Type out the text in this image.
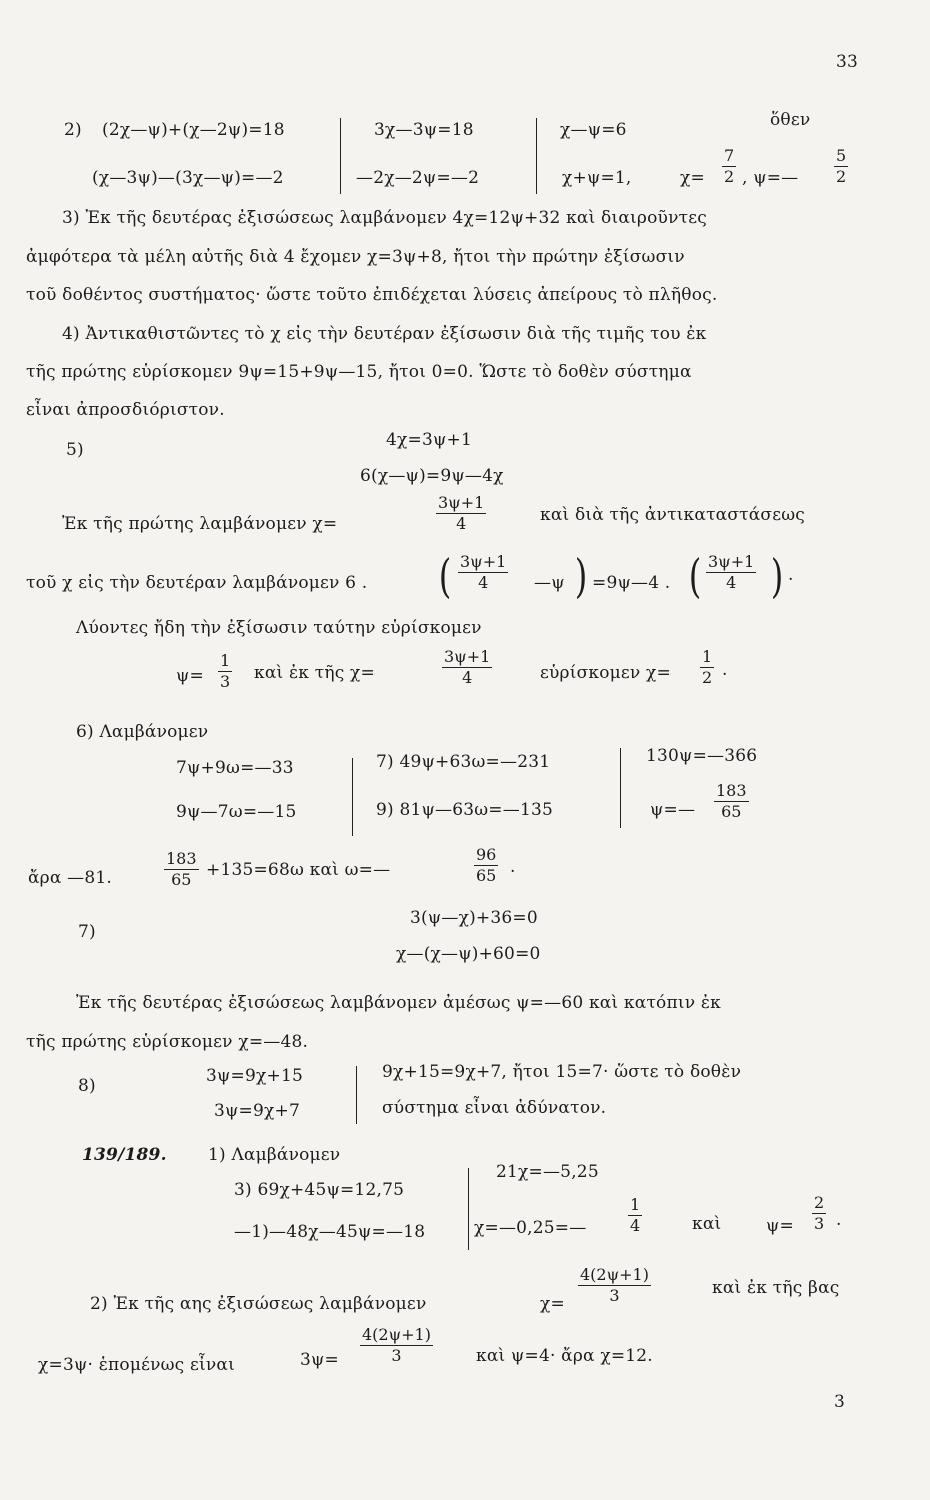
33
2) (2χ—ψ)+(χ—2ψ)=18
(χ—3ψ)—(3χ—ψ)=—2
3χ—3ψ=18
—2χ—2ψ=—2
χ—ψ=6	ὅθεν
χ+ψ=1,	$\chi= \frac{7}{2}$ , ψ=— $\frac{5}{2}$
3) Ἐκ τῆς δευτέρας ἐξισώσεως λαμβάνομεν 4χ=12ψ+32 καὶ διαιροῦντες
ἀμφότερα τὰ μέλη αὐτῆς διὰ 4 ἔχομεν χ=3ψ+8, ἤτοι τὴν πρώτην ἐξίσωσιν
τοῦ δοθέντος συστήματος· ὥστε τοῦτο ἐπιδέχεται λύσεις ἀπείρους τὸ πλῆθος.
4) Ἀντικαθιστῶντες τὸ χ εἰς τὴν δευτέραν ἐξίσωσιν διὰ τῆς τιμῆς του ἐκ
τῆς πρώτης εὑρίσκομεν 9ψ=15+9ψ—15, ἤτοι 0=0. Ὥστε τὸ δοθὲν σύστημα
εἶναι ἀπροσδιόριστον.
5)	4χ=3ψ+1
6(χ—ψ)=9ψ—4χ
Ἐκ τῆς πρώτης λαμβάνομεν χ=	$\frac{3\psi+1}{4}$	καὶ διὰ τῆς ἀντικαταστάσεως
τοῦ χ εἰς τὴν δευτέραν λαμβάνομεν 6 . ( $\frac{3\psi+1}{4}$ —ψ ) =9ψ—4 . ( $\frac{3\psi+1}{4}$ ) .
Λύοντες ἤδη τὴν ἐξίσωσιν ταύτην εὑρίσκομεν
$\psi= \frac{1}{3}$ καὶ ἐκ τῆς χ=	$\frac{3\psi+1}{4}$	εὑρίσκομεν $\chi= \frac{1}{2}$ .
6) Λαμβάνομεν
7ψ+9ω=—33
9ψ—7ω=—15
7) 49ψ+63ω=—231
9) 81ψ—63ω=—135
130ψ=—366
ψ=— $\frac{183}{65}$
ἄρα —81.	$\frac{183}{65} +135=68\omega$ καὶ ω=—	$\frac{96}{65}$ .
7)
3(ψ—χ)+36=0
χ—(χ—ψ)+60=0
Ἐκ τῆς δευτέρας ἐξισώσεως λαμβάνομεν ἀμέσως ψ=—60 καὶ κατόπιν ἐκ
τῆς πρώτης εὑρίσκομεν χ=—48.
8)	3ψ=9χ+15
3ψ=9χ+7
9χ+15=9χ+7, ἤτοι 15=7· ὥστε τὸ δοθὲν
σύστημα εἶναι ἀδύνατον.
139/189. 1) Λαμβάνομεν
3) 69χ+45ψ=12,75
—1)—48χ—45ψ=—18
21χ=—5,25
χ=—0,25=—	$\frac{1}{4}$	καὶ	$\psi= \frac{2}{3}$ .
2) Ἐκ τῆς αης ἐξισώσεως λαμβάνομεν	$\chi= \frac{4(2\psi+1)}{3}$	καὶ ἐκ τῆς βας
χ=3ψ· ἑπομένως εἶναι	$3\psi= \frac{4(2\psi+1)}{3}$	καὶ ψ=4· ἄρα χ=12.
3
